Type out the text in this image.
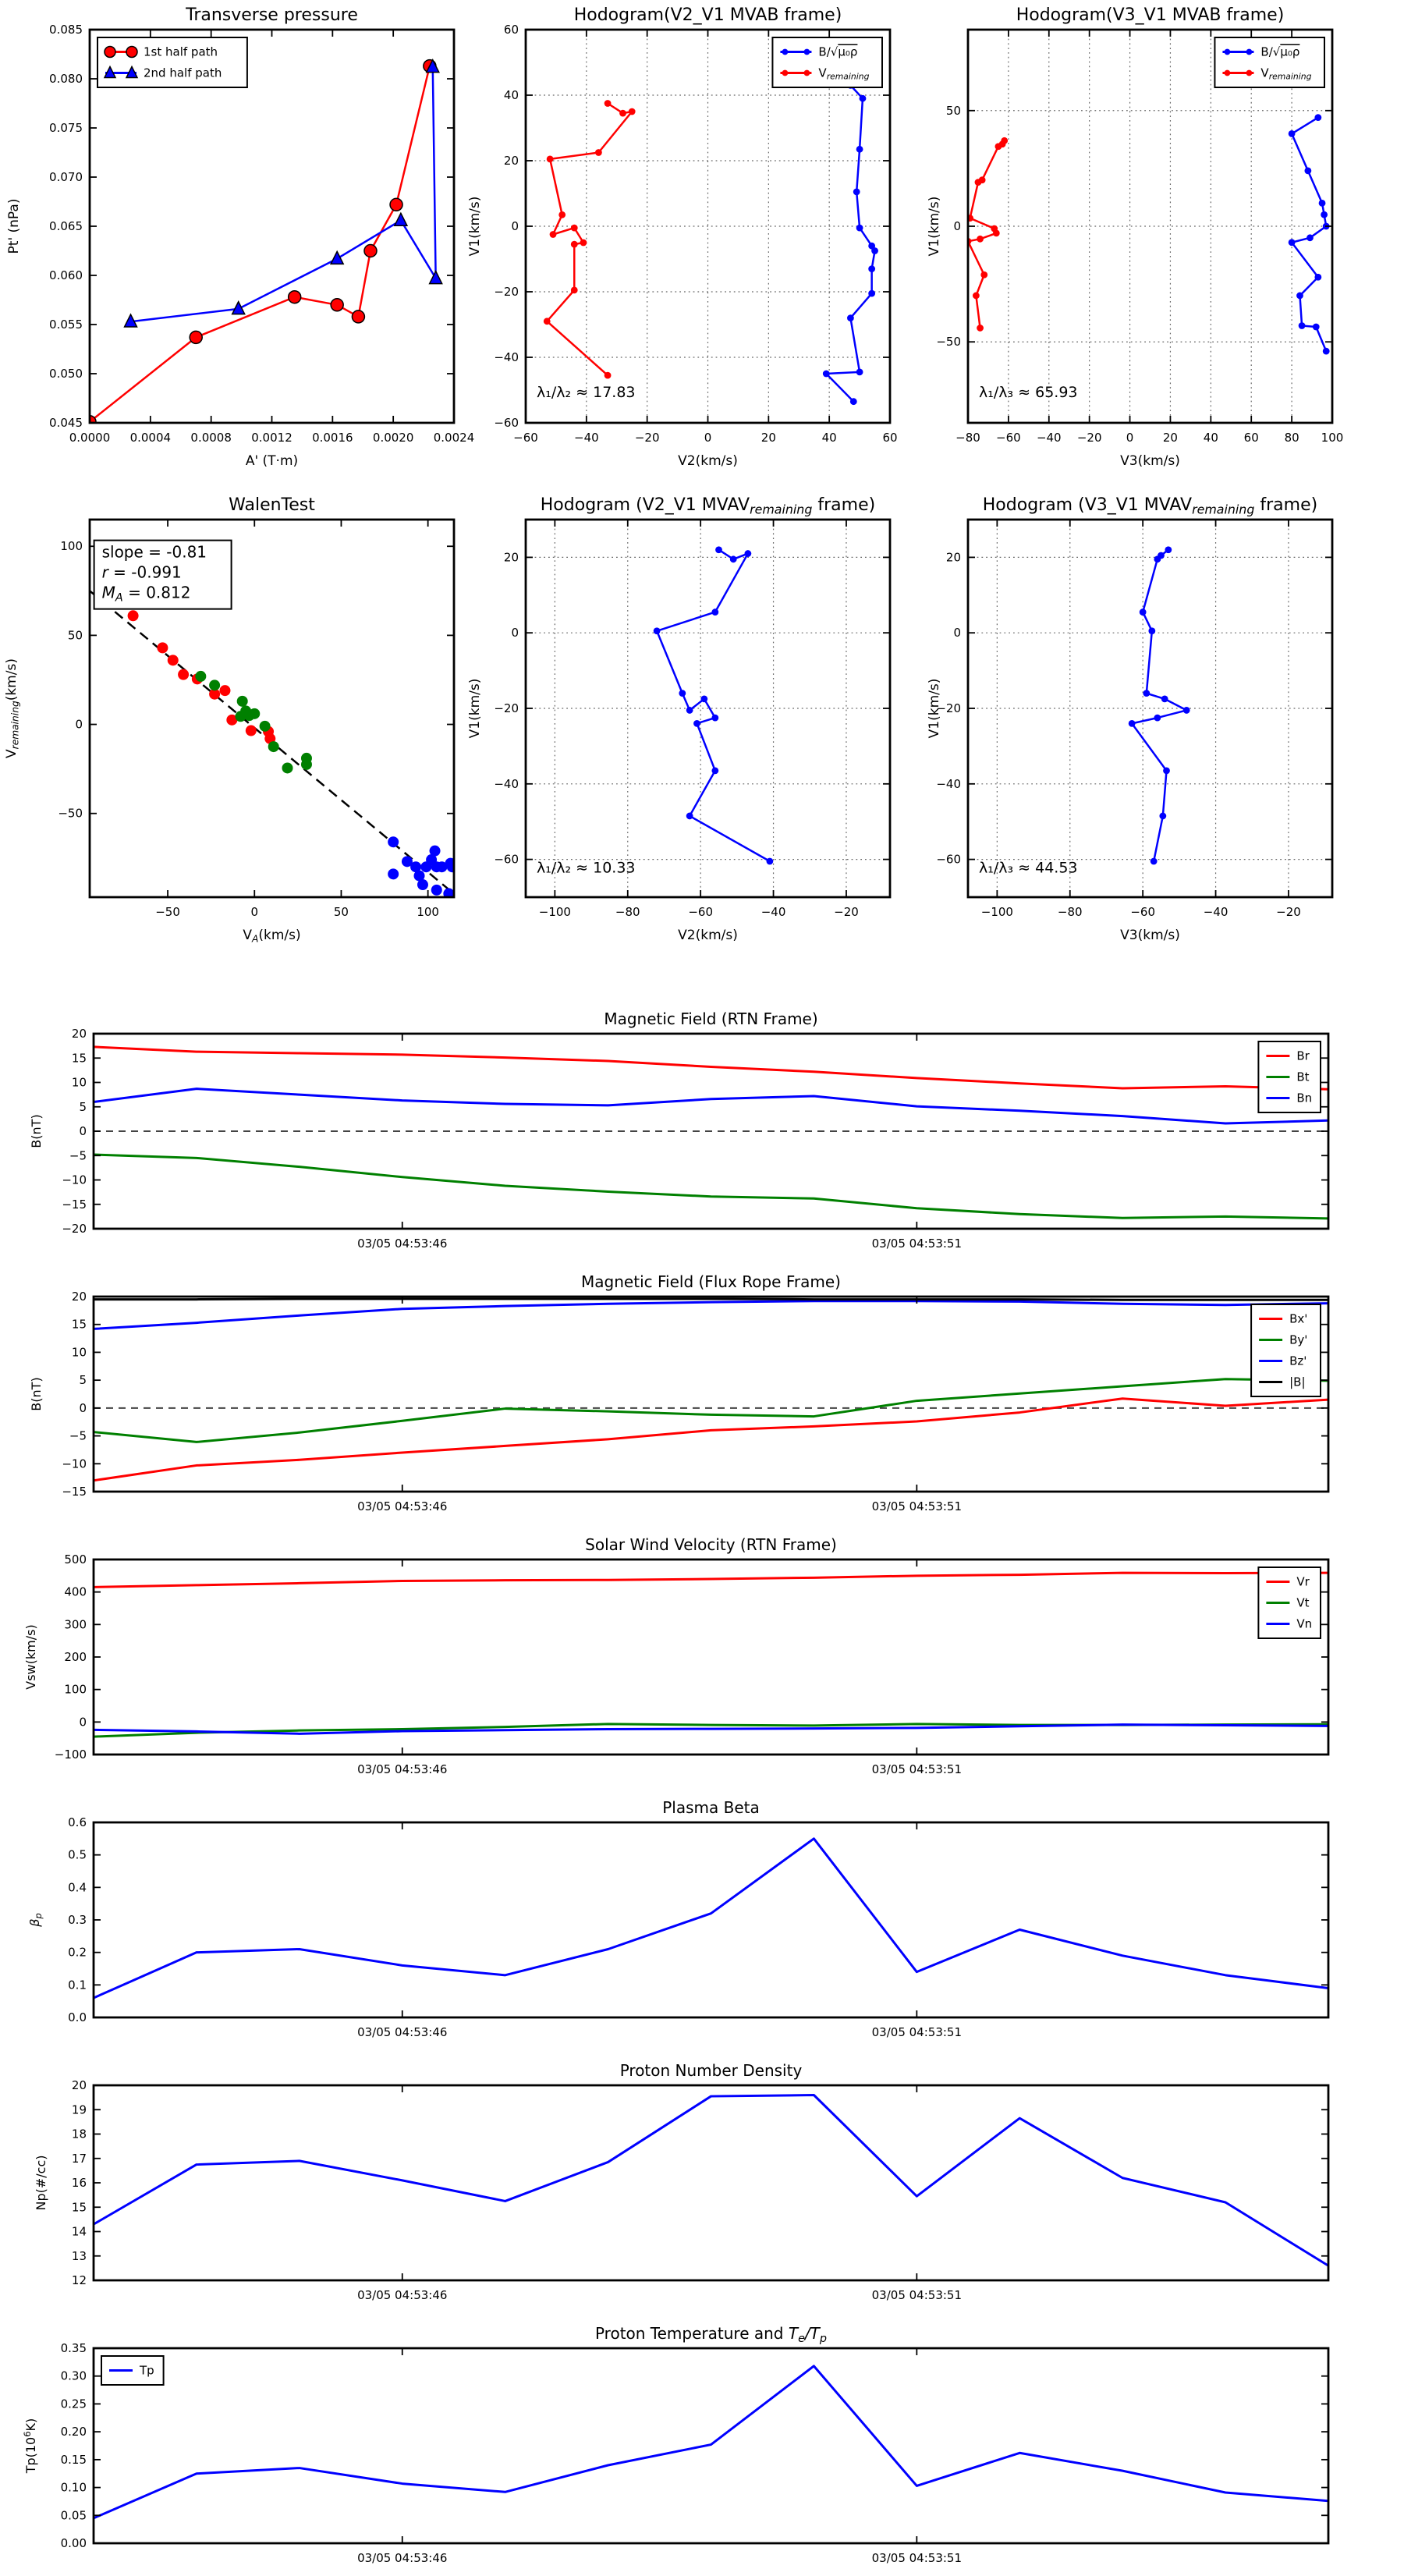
0.0000 0.0004 0.0008 0.0012 0.0016 0.0020 0.0024
0.045
0.050
0.055
0.060
0.065
0.070
0.075
0.080
0.085
Transverse pressure
A' (T·m)
Pt' (nPa)
1st half path
2nd half path
−60	−40	−20	0	20	40	60
−60
−40
−20
0
20
40
60
Hodogram(V2_V1 MVAB frame)
V2(km/s)
V1(km/s)
B/√μ₀ρ
$V_{remaining}$
λ₁/λ₂ ≈ 17.83
−80 −60 −40 −20 0	20 40 60 80 100
−50
0
50
Hodogram(V3_V1 MVAB frame)
V3(km/s)
V1(km/s)
B/√μ₀ρ
$V_{remaining}$
λ₁/λ₃ ≈ 65.93
−50	0	50	100
−50
0
50
100
WalenTest
$V_A(km/s)$
$V_{remaining}(km/s)$
slope = -0.81
r = -0.991
$M_A = 0.812$
−100	−80	−60	−40	−20
20
0
−20
−40
−60
Hodogram (V2_V1 $MVAV_{remaining}$ frame)
V2(km/s)
V1(km/s)
λ₁/λ₂ ≈ 10.33
−100	−80	−60	−40	−20
20
0
−20
−40
−60
Hodogram (V3_V1 $MVAV_{remaining}$ frame)
V3(km/s)
V1(km/s)
λ₁/λ₃ ≈ 44.53
03/05 04:53:46	03/05 04:53:51
−20
−15
−10
−5
0
5
10
15
20
Magnetic Field (RTN Frame)
B(nT)
Br
Bt
Bn
03/05 04:53:46	03/05 04:53:51
−15
−10
−5
0
5
10
15
20
Magnetic Field (Flux Rope Frame)
B(nT)
Bx'
By'
Bz'
|B|
03/05 04:53:46	03/05 04:53:51
−100
0
100
200
300
400
500
Solar Wind Velocity (RTN Frame)
Vsw(km/s)
Vr
Vt
Vn
03/05 04:53:46	03/05 04:53:51
0.0
0.1
0.2
0.3
0.4
0.5
0.6
Plasma Beta
$\beta_p$
03/05 04:53:46	03/05 04:53:51
12
13
14
15
16
17
18
19
20
Proton Number Density
Np(#/cc)
03/05 04:53:46	03/05 04:53:51
0.00
0.05
0.10
0.15
0.20
0.25
0.30
0.35
Proton Temperature and $T_e/T_p$
$Tp(10^6K)$
Tp
